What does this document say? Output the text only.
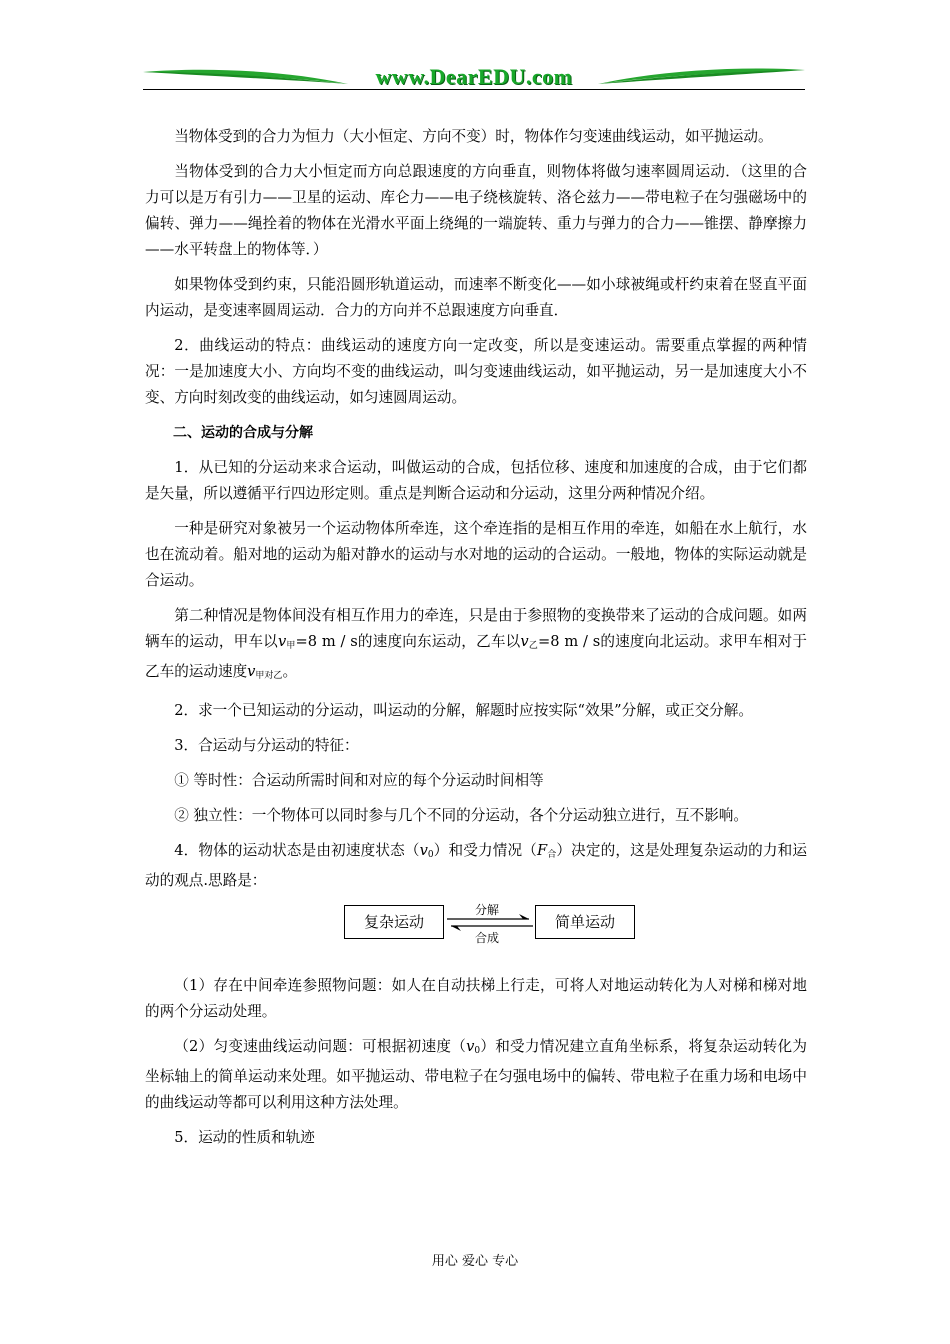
www.DearEDU.com

当物体受到的合力为恒力（大小恒定、方向不变）时，物体作匀变速曲线运动，如平抛运动。

当物体受到的合力大小恒定而方向总跟速度的方向垂直，则物体将做匀速率圆周运动．（这里的合力可以是万有引力——卫星的运动、库仑力——电子绕核旋转、洛仑兹力——带电粒子在匀强磁场中的偏转、弹力——绳拴着的物体在光滑水平面上绕绳的一端旋转、重力与弹力的合力——锥摆、静摩擦力——水平转盘上的物体等．）

如果物体受到约束，只能沿圆形轨道运动，而速率不断变化——如小球被绳或杆约束着在竖直平面内运动，是变速率圆周运动．合力的方向并不总跟速度方向垂直．

2．曲线运动的特点：曲线运动的速度方向一定改变，所以是变速运动。需要重点掌握的两种情况：一是加速度大小、方向均不变的曲线运动，叫匀变速曲线运动，如平抛运动，另一是加速度大小不变、方向时刻改变的曲线运动，如匀速圆周运动。

二、运动的合成与分解

1．从已知的分运动来求合运动，叫做运动的合成，包括位移、速度和加速度的合成，由于它们都是矢量，所以遵循平行四边形定则。重点是判断合运动和分运动，这里分两种情况介绍。

一种是研究对象被另一个运动物体所牵连，这个牵连指的是相互作用的牵连，如船在水上航行，水也在流动着。船对地的运动为船对静水的运动与水对地的运动的合运动。一般地，物体的实际运动就是合运动。

第二种情况是物体间没有相互作用力的牵连，只是由于参照物的变换带来了运动的合成问题。如两辆车的运动，甲车以$v_甲=8$ m / s的速度向东运动，乙车以$v_乙=8$ m / s的速度向北运动。求甲车相对于乙车的运动速度$v_{甲对乙}$。

2．求一个已知运动的分运动，叫运动的分解，解题时应按实际“效果”分解，或正交分解。

3．合运动与分运动的特征：

① 等时性：合运动所需时间和对应的每个分运动时间相等

② 独立性：一个物体可以同时参与几个不同的分运动，各个分运动独立进行，互不影响。

4．物体的运动状态是由初速度状态$(v_0)$和受力情况$(F_合)$决定的，这是处理复杂运动的力和运动的观点.思路是：

复杂运动
分解
合成
简单运动

（1）存在中间牵连参照物问题：如人在自动扶梯上行走，可将人对地运动转化为人对梯和梯对地的两个分运动处理。

（2）匀变速曲线运动问题：可根据初速度$(v_0)$和受力情况建立直角坐标系，将复杂运动转化为坐标轴上的简单运动来处理。如平抛运动、带电粒子在匀强电场中的偏转、带电粒子在重力场和电场中的曲线运动等都可以利用这种方法处理。

5．运动的性质和轨迹

用心 爱心 专心
